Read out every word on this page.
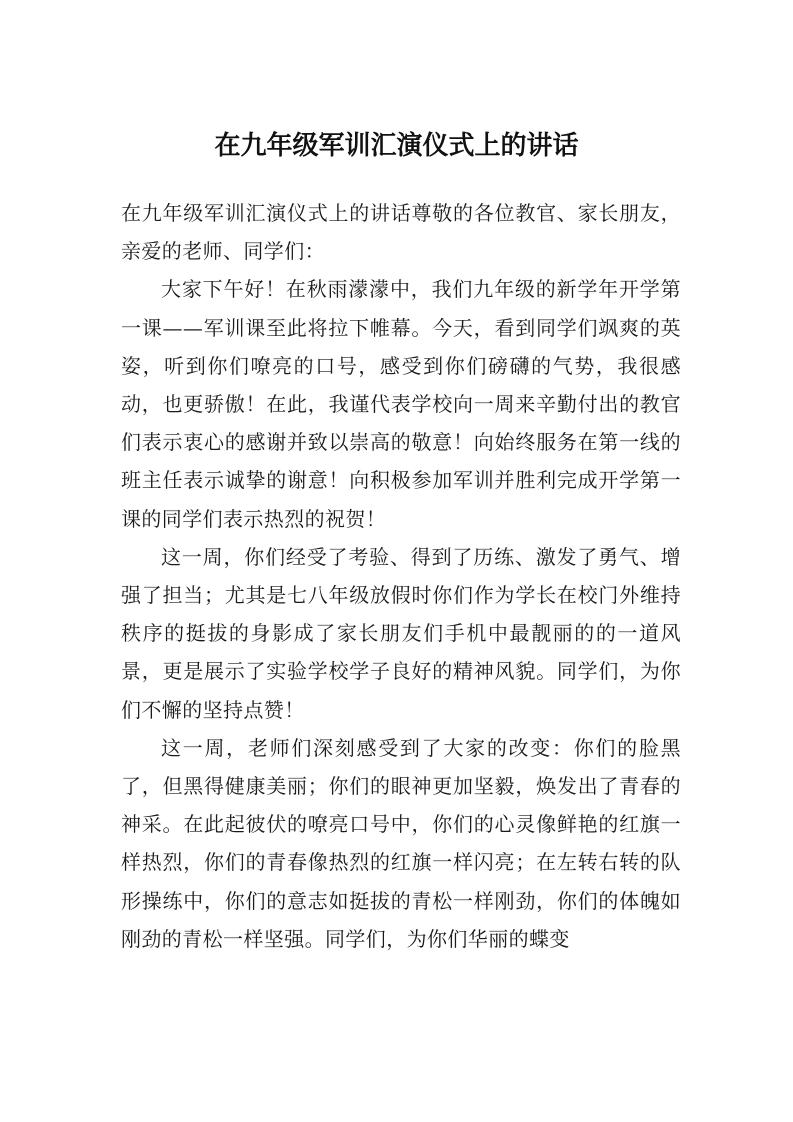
在九年级军训汇演仪式上的讲话

在九年级军训汇演仪式上的讲话尊敬的各位教官、家长朋友，亲爱的老师、同学们：

大家下午好！在秋雨濛濛中，我们九年级的新学年开学第一课——军训课至此将拉下帷幕。今天，看到同学们飒爽的英姿，听到你们嘹亮的口号，感受到你们磅礴的气势，我很感动，也更骄傲！在此，我谨代表学校向一周来辛勤付出的教官们表示衷心的感谢并致以崇高的敬意！向始终服务在第一线的班主任表示诚挚的谢意！向积极参加军训并胜利完成开学第一课的同学们表示热烈的祝贺！

这一周，你们经受了考验、得到了历练、激发了勇气、增强了担当；尤其是七八年级放假时你们作为学长在校门外维持秩序的挺拔的身影成了家长朋友们手机中最靓丽的的一道风景，更是展示了实验学校学子良好的精神风貌。同学们，为你们不懈的坚持点赞！

这一周，老师们深刻感受到了大家的改变：你们的脸黑了，但黑得健康美丽；你们的眼神更加坚毅，焕发出了青春的神采。在此起彼伏的嘹亮口号中，你们的心灵像鲜艳的红旗一样热烈，你们的青春像热烈的红旗一样闪亮；在左转右转的队形操练中，你们的意志如挺拔的青松一样刚劲，你们的体魄如刚劲的青松一样坚强。同学们，为你们华丽的蝶变
